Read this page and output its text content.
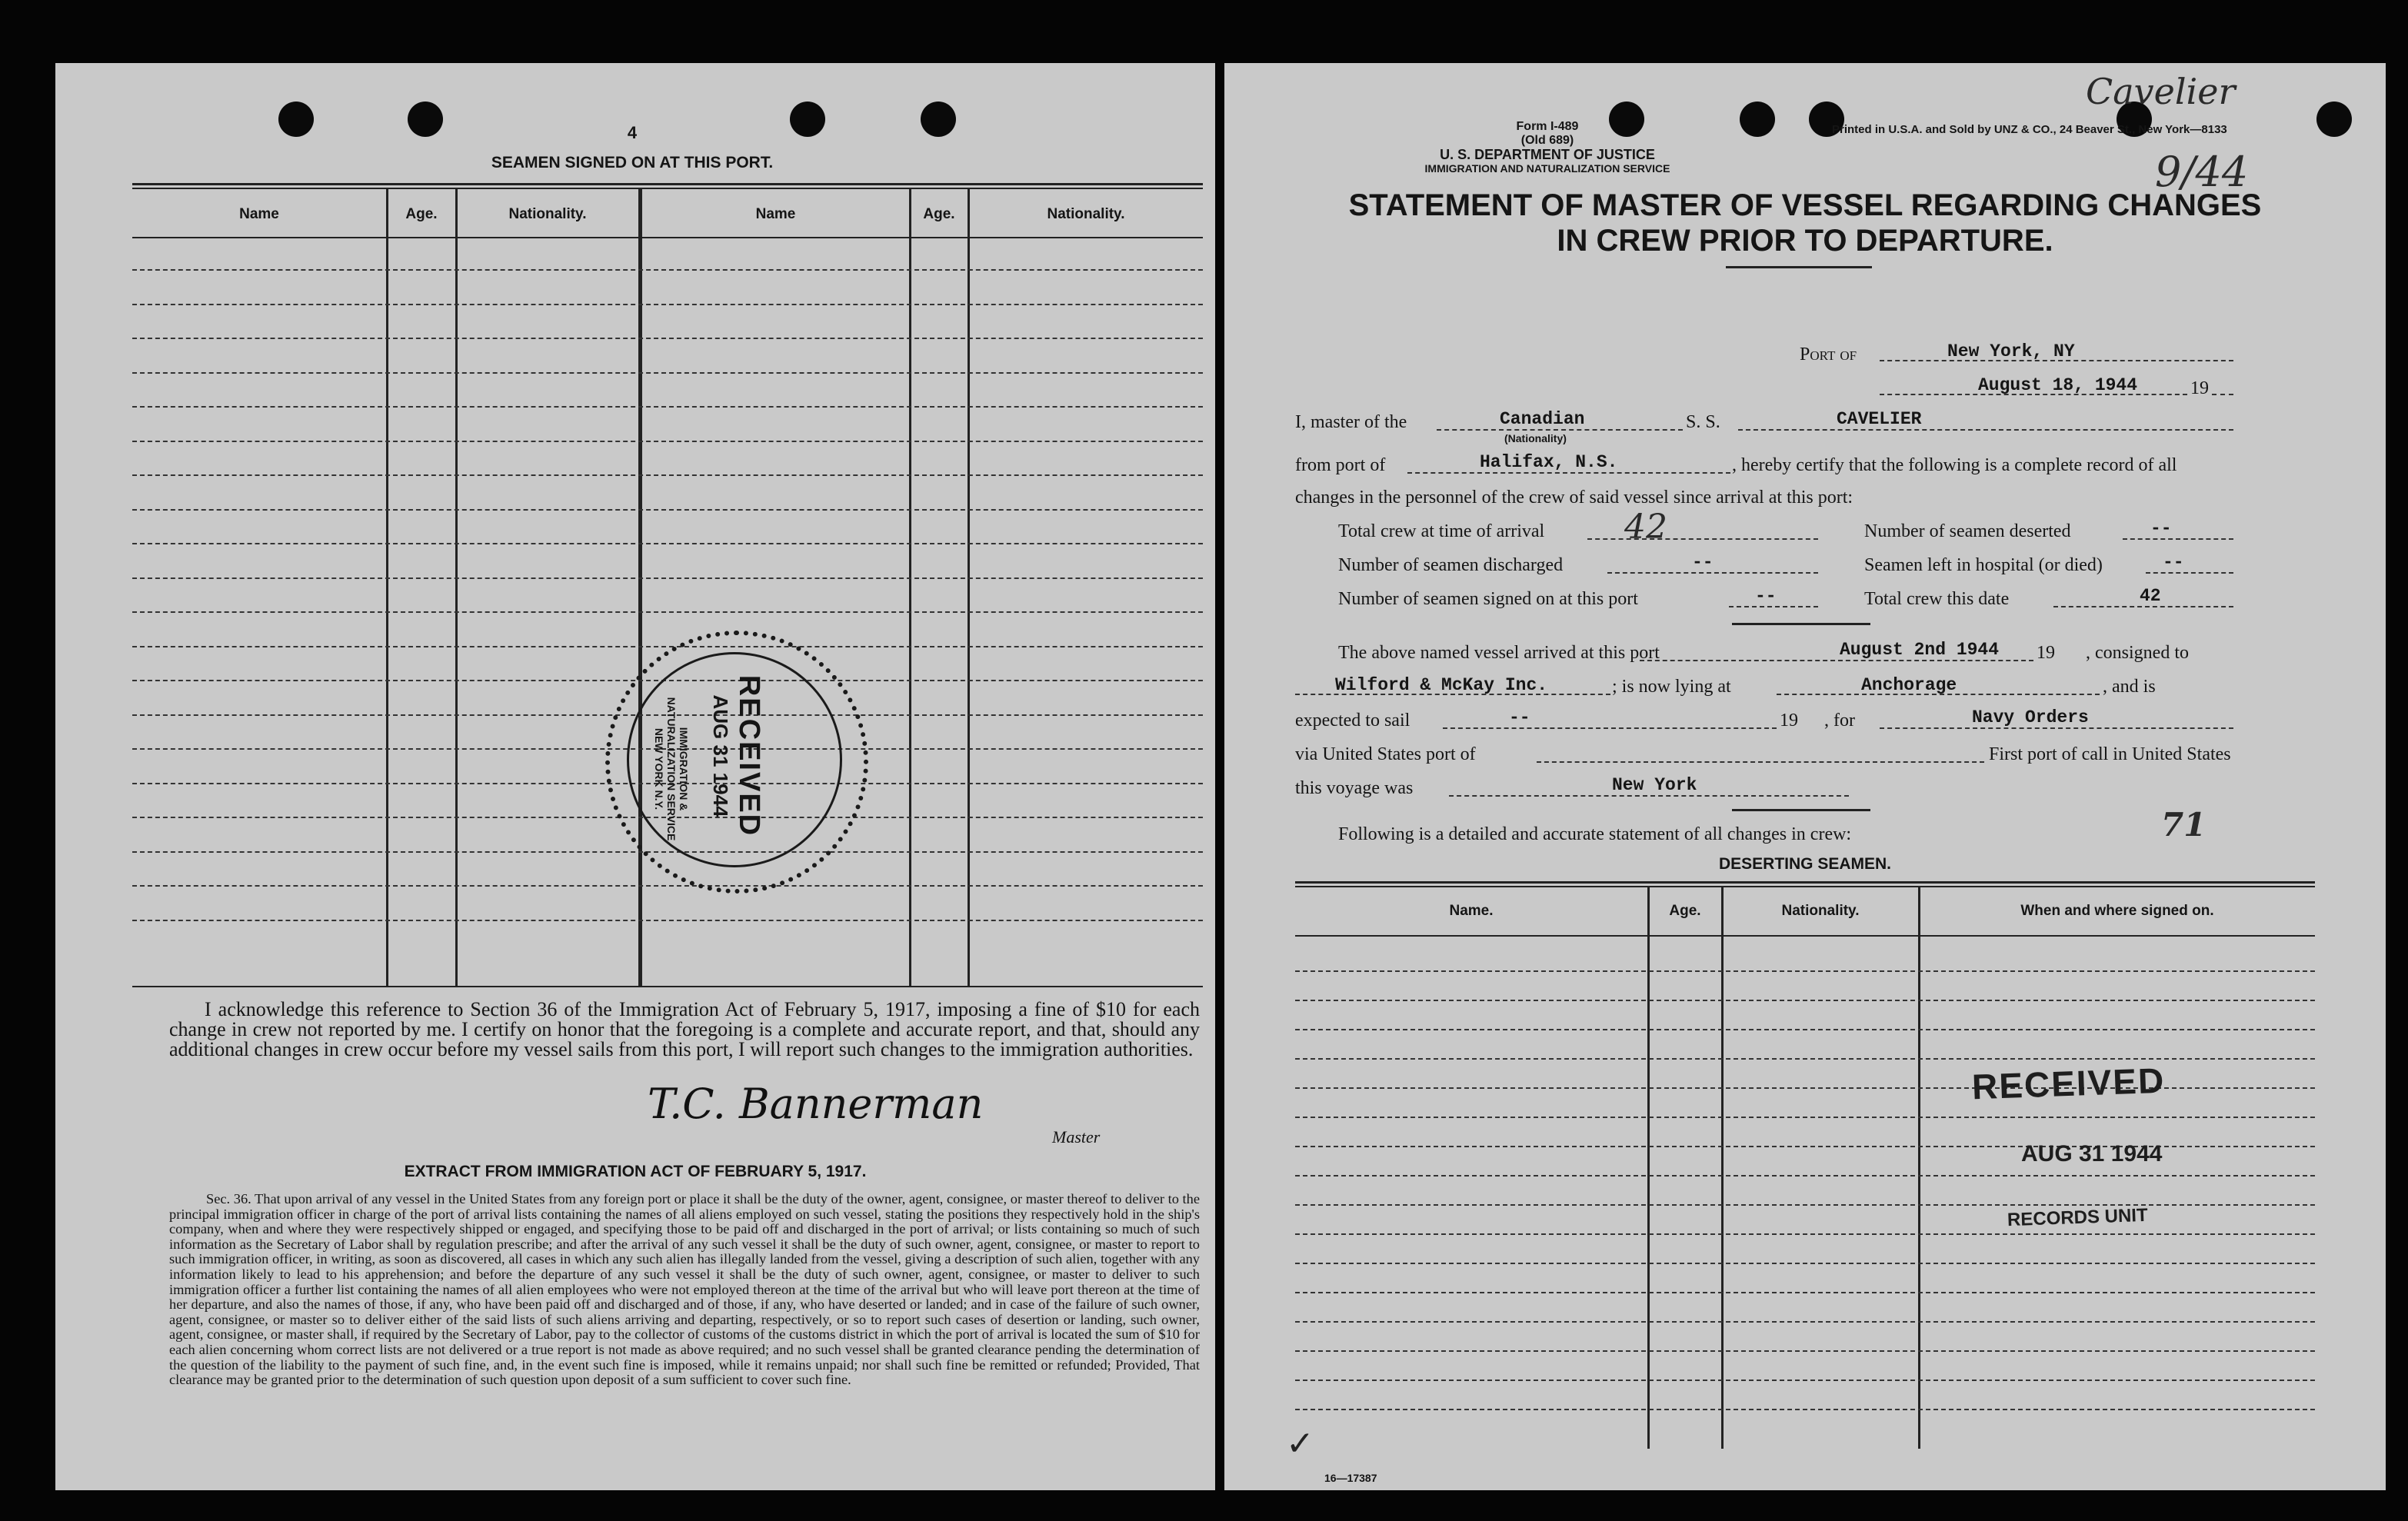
4
SEAMEN SIGNED ON AT THIS PORT.
Name	Age.	Nationality.	Name	Age.	Nationality.
I acknowledge this reference to Section 36 of the Immigration Act of February 5, 1917, imposing a fine of $10 for each change in crew not reported by me. I certify on honor that the foregoing is a complete and accurate report, and that, should any additional changes in crew occur before my vessel sails from this port, I will report such changes to the immigration authorities.
T.C. Bannerman
Master
EXTRACT FROM IMMIGRATION ACT OF FEBRUARY 5, 1917.
Sec. 36. That upon arrival of any vessel in the United States from any foreign port or place it shall be the duty of the owner, agent, consignee, or master thereof to deliver to the principal immigration officer in charge of the port of arrival lists containing the names of all aliens employed on such vessel, stating the positions they respectively hold in the ship's company, when and where they were respectively shipped or engaged, and specifying those to be paid off and discharged in the port of arrival; or lists containing so much of such information as the Secretary of Labor shall by regulation prescribe; and after the arrival of any such vessel it shall be the duty of such owner, agent, consignee, or master to report to such immigration officer, in writing, as soon as discovered, all cases in which any such alien has illegally landed from the vessel, giving a description of such alien, together with any information likely to lead to his apprehension; and before the departure of any such vessel it shall be the duty of such owner, agent, consignee, or master to deliver to such immigration officer a further list containing the names of all alien employees who were not employed thereon at the time of the arrival but who will leave port thereon at the time of her departure, and also the names of those, if any, who have been paid off and discharged and of those, if any, who have deserted or landed; and in case of the failure of such owner, agent, consignee, or master so to deliver either of the said lists of such aliens arriving and departing, respectively, or so to report such cases of desertion or landing, such owner, agent, consignee, or master shall, if required by the Secretary of Labor, pay to the collector of customs of the customs district in which the port of arrival is located the sum of $10 for each alien concerning whom correct lists are not delivered or a true report is not made as above required; and no such vessel shall be granted clearance pending the determination of the question of the liability to the payment of such fine, and, in the event such fine is imposed, while it remains unpaid; nor shall such fine be remitted or refunded; Provided, That clearance may be granted prior to the determination of such question upon deposit of a sum sufficient to cover such fine.
RECEIVED
AUG 31 1944
IMMIGRATION & NATURALIZATION SERVICE
NEW YORK N.Y.
Form I-489
(Old 689)
U. S. DEPARTMENT OF JUSTICE
IMMIGRATION AND NATURALIZATION SERVICE
Printed in U.S.A. and Sold by UNZ & CO., 24 Beaver St., New York—8133
Cavelier
9/44
STATEMENT OF MASTER OF VESSEL REGARDING CHANGES
IN CREW PRIOR TO DEPARTURE.
Port of	New York, NY
August 18, 1944	19
I, master of the	Canadian
(Nationality)
S. S.	CAVELIER
from port of	Halifax, N.S.	, hereby certify that the following is a complete record of all
changes in the personnel of the crew of said vessel since arrival at this port:
Total crew at time of arrival 42	Number of seamen deserted	--
Number of seamen discharged	--	Seamen left in hospital (or died)	--
Number of seamen signed on at this port	--	Total crew this date	42
The above named vessel arrived at this port	August 2nd 1944 19 , consigned to
Wilford & McKay Inc.	; is now lying at	Anchorage	, and is
expected to sail	--	19 , for	Navy Orders
via United States port of	First port of call in United States
this voyage was	New York
Following is a detailed and accurate statement of all changes in crew:	71
DESERTING SEAMEN.
Name.	Age.	Nationality.	When and where signed on.
RECEIVED
AUG 31 1944
RECORDS UNIT
✓
16—17387
